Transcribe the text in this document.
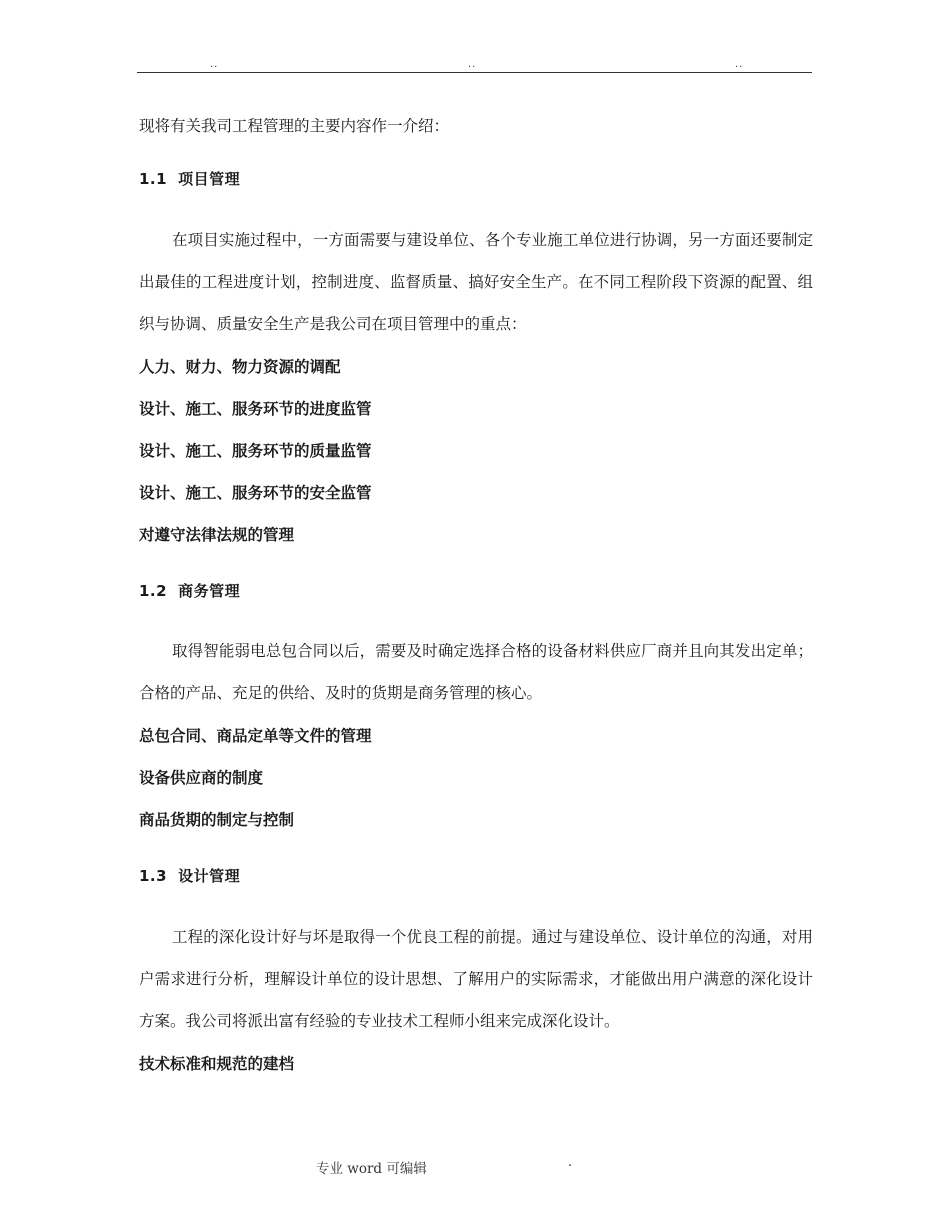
..	..	..
现将有关我司工程管理的主要内容作一介绍：
1.1 项目管理
在项目实施过程中，一方面需要与建设单位、各个专业施工单位进行协调，另一方面还要制定出最佳的工程进度计划，控制进度、监督质量、搞好安全生产。在不同工程阶段下资源的配置、组织与协调、质量安全生产是我公司在项目管理中的重点：
人力、财力、物力资源的调配
设计、施工、服务环节的进度监管
设计、施工、服务环节的质量监管
设计、施工、服务环节的安全监管
对遵守法律法规的管理
1.2 商务管理
取得智能弱电总包合同以后，需要及时确定选择合格的设备材料供应厂商并且向其发出定单；合格的产品、充足的供给、及时的货期是商务管理的核心。
总包合同、商品定单等文件的管理
设备供应商的制度
商品货期的制定与控制
1.3 设计管理
工程的深化设计好与坏是取得一个优良工程的前提。通过与建设单位、设计单位的沟通，对用户需求进行分析，理解设计单位的设计思想、了解用户的实际需求，才能做出用户满意的深化设计方案。我公司将派出富有经验的专业技术工程师小组来完成深化设计。
技术标准和规范的建档
专业 word 可编辑	.
